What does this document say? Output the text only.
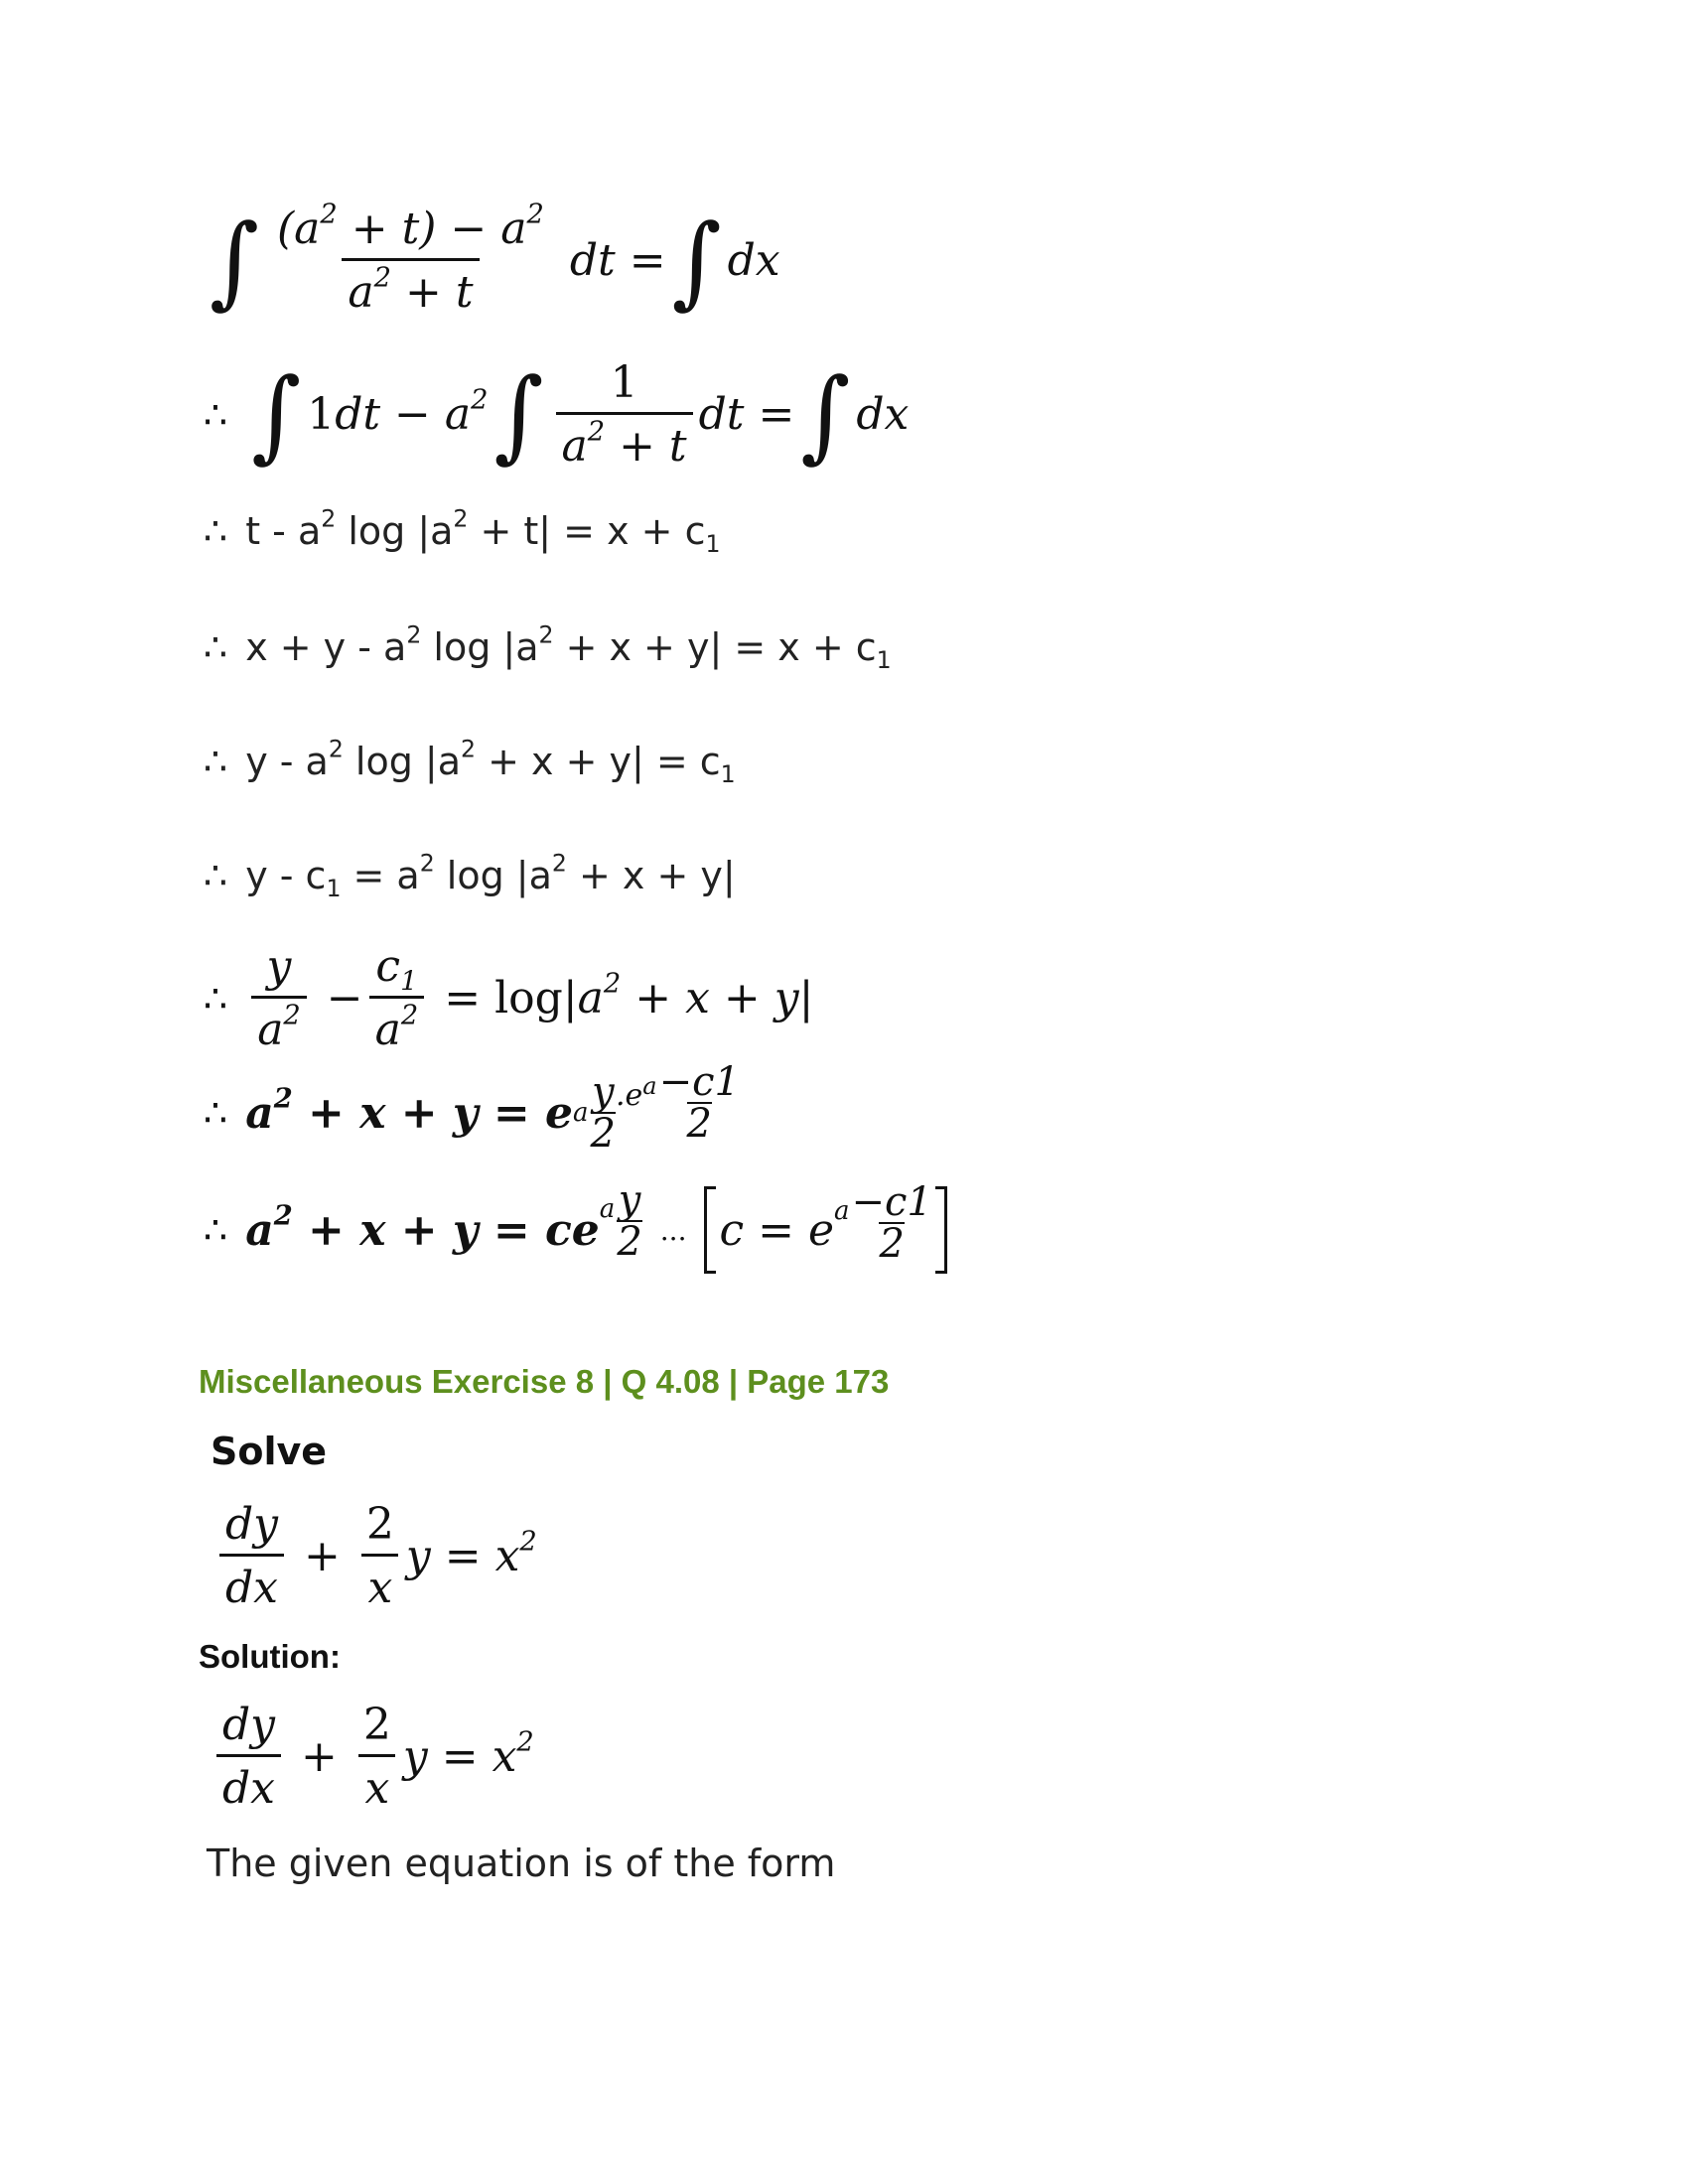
∫ $\frac{(a^2 + t) - a^2}{a^2 + t}$ dt = ∫ dx
∴ ∫ $1dt - a^2$ ∫ $\frac{1}{a^2 + t}$ dt = ∫ dx
∴ t - $a^2$ $\log |a^2 + t| = x + c_1$
∴ $x + y - a^2$ $\log |a^2 + x + y| = x + c_1$
∴ y - $a^2$ $\log |a^2 + x + y| = c_1$
∴ $y - c_1 = a^2$ $\log |a^2 + x + y|$
∴ $\frac{y}{a^2} - \frac{c_1}{a^2} = \log|a^2 + x + y|$
∴ $a^2 + x + y = e$ a y
2
.e a −c1
2
∴ $a^2 + x + y$ = ce a y
2 ... c = e a −c1
2
Miscellaneous Exercise 8 | Q 4.08 | Page 173
Solve
$\frac{dy}{dx} + \frac{2}{x}$ $y = x^2$
Solution:
$\frac{dy}{dx} + \frac{2}{x}$ $y = x^2$
The given equation is of the form
